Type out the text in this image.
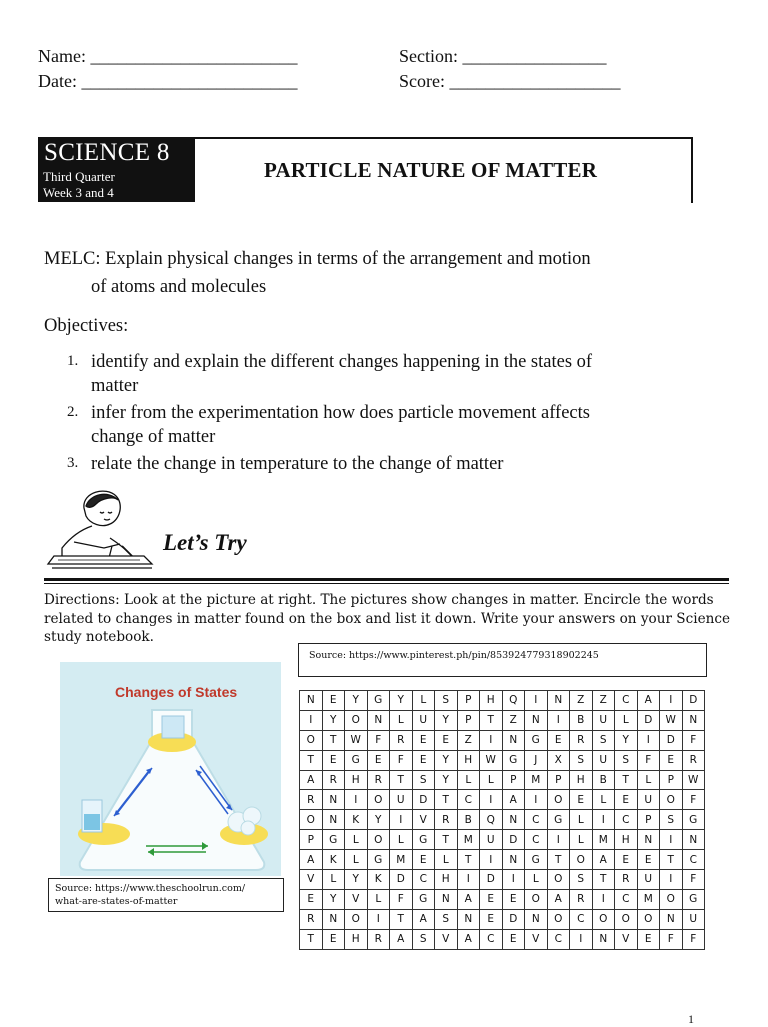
Name: _______________________	Section: ________________
Date: ________________________	Score: ___________________
SCIENCE 8
Third Quarter
Week 3 and 4
PARTICLE NATURE OF MATTER
MELC: Explain physical changes in terms of the arrangement and motion
of atoms and molecules
Objectives:
1. identify and explain the different changes happening in the states of
matter
2. infer from the experimentation how does particle movement affects
change of matter
3. relate the change in temperature to the change of matter
Let’s Try
Directions: Look at the picture at right. The pictures show changes in matter. Encircle the words related to changes in matter found on the box and list it down. Write your answers on your Science study notebook.
Changes of States
Source: https://www.theschoolrun.com/
what-are-states-of-matter
Source: https://www.pinterest.ph/pin/853924779318902245
N	E	Y	G	Y	L	S	P	H	Q	I	N	Z	Z	C	A	I	D
I	Y	O	N	L	U	Y	P	T	Z	N	I	B	U	L	D	W	N
O	T	W	F	R	E	E	Z	I	N	G	E	R	S	Y	I	D	F
T	E	G	E	F	E	Y	H	W	G	J	X	S	U	S	F	E	R
A	R	H	R	T	S	Y	L	L	P	M	P	H	B	T	L	P	W
R	N	I	O	U	D	T	C	I	A	I	O	E	L	E	U	O	F
O	N	K	Y	I	V	R	B	Q	N	C	G	L	I	C	P	S	G
P	G	L	O	L	G	T	M	U	D	C	I	L	M	H	N	I	N
A	K	L	G	M	E	L	T	I	N	G	T	O	A	E	E	T	C
V	L	Y	K	D	C	H	I	D	I	L	O	S	T	R	U	I	F
E	Y	V	L	F	G	N	A	E	E	O	A	R	I	C	M	O	G
R	N	O	I	T	A	S	N	E	D	N	O	C	O	O	O	N	U
T	E	H	R	A	S	V	A	C	E	V	C	I	N	V	E	F	F
1
